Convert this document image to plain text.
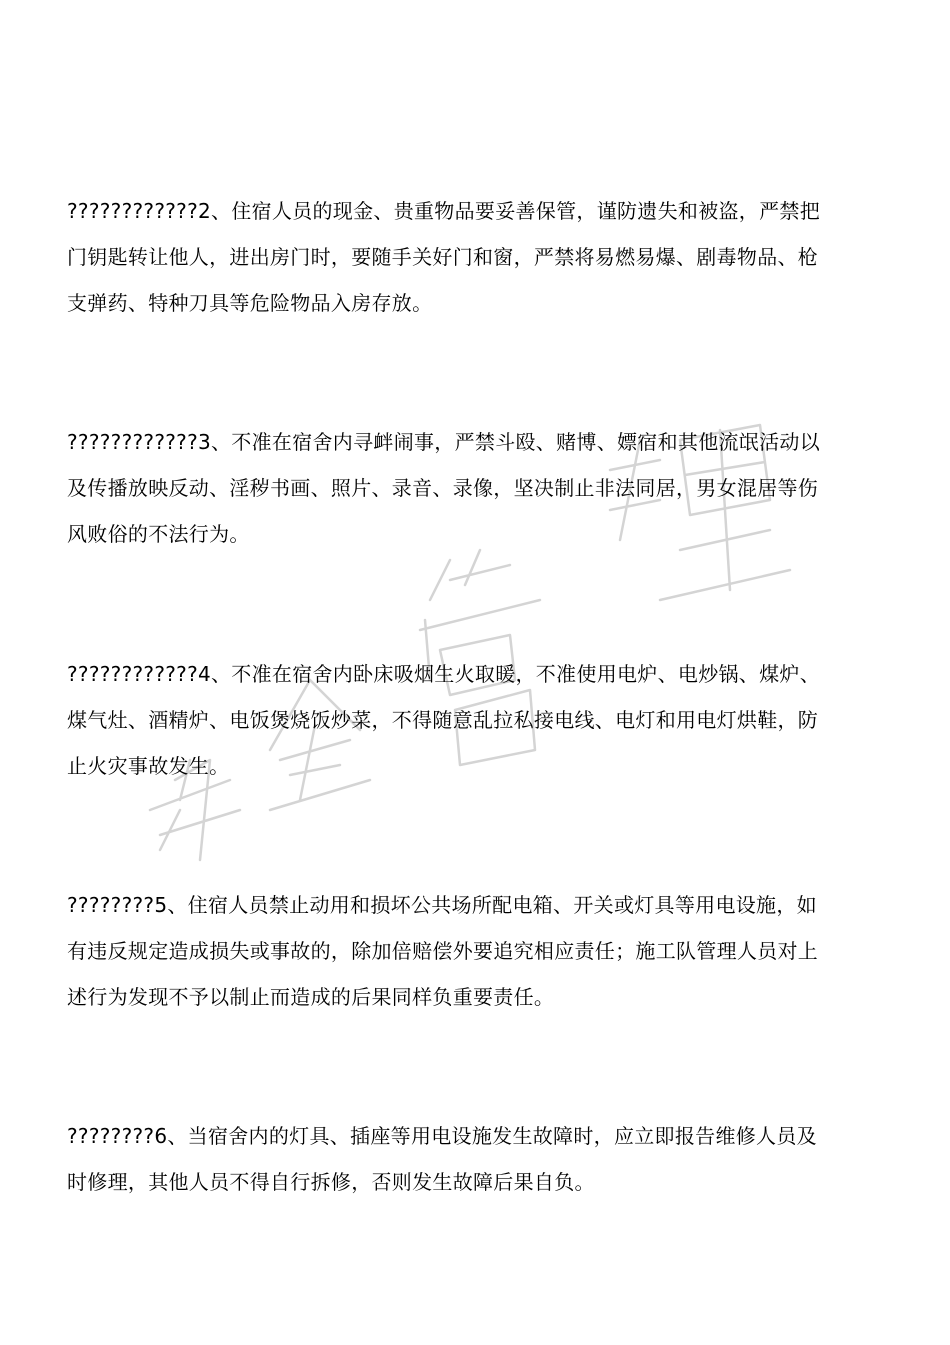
????????????2、住宿人员的现金、贵重物品要妥善保管，谨防遗失和被盗，严禁把门钥匙转让他人，进出房门时，要随手关好门和窗，严禁将易燃易爆、剧毒物品、枪支弹药、特种刀具等危险物品入房存放。

????????????3、不准在宿舍内寻衅闹事，严禁斗殴、赌博、嫖宿和其他流氓活动以及传播放映反动、淫秽书画、照片、录音、录像，坚决制止非法同居，男女混居等伤风败俗的不法行为。

????????????4、不准在宿舍内卧床吸烟生火取暖，不准使用电炉、电炒锅、煤炉、煤气灶、酒精炉、电饭煲烧饭炒菜，不得随意乱拉私接电线、电灯和用电灯烘鞋，防止火灾事故发生。

????????5、住宿人员禁止动用和损坏公共场所配电箱、开关或灯具等用电设施，如有违反规定造成损失或事故的，除加倍赔偿外要追究相应责任；施工队管理人员对上述行为发现不予以制止而造成的后果同样负重要责任。

????????6、当宿舍内的灯具、插座等用电设施发生故障时，应立即报告维修人员及时修理，其他人员不得自行拆修，否则发生故障后果自负。
